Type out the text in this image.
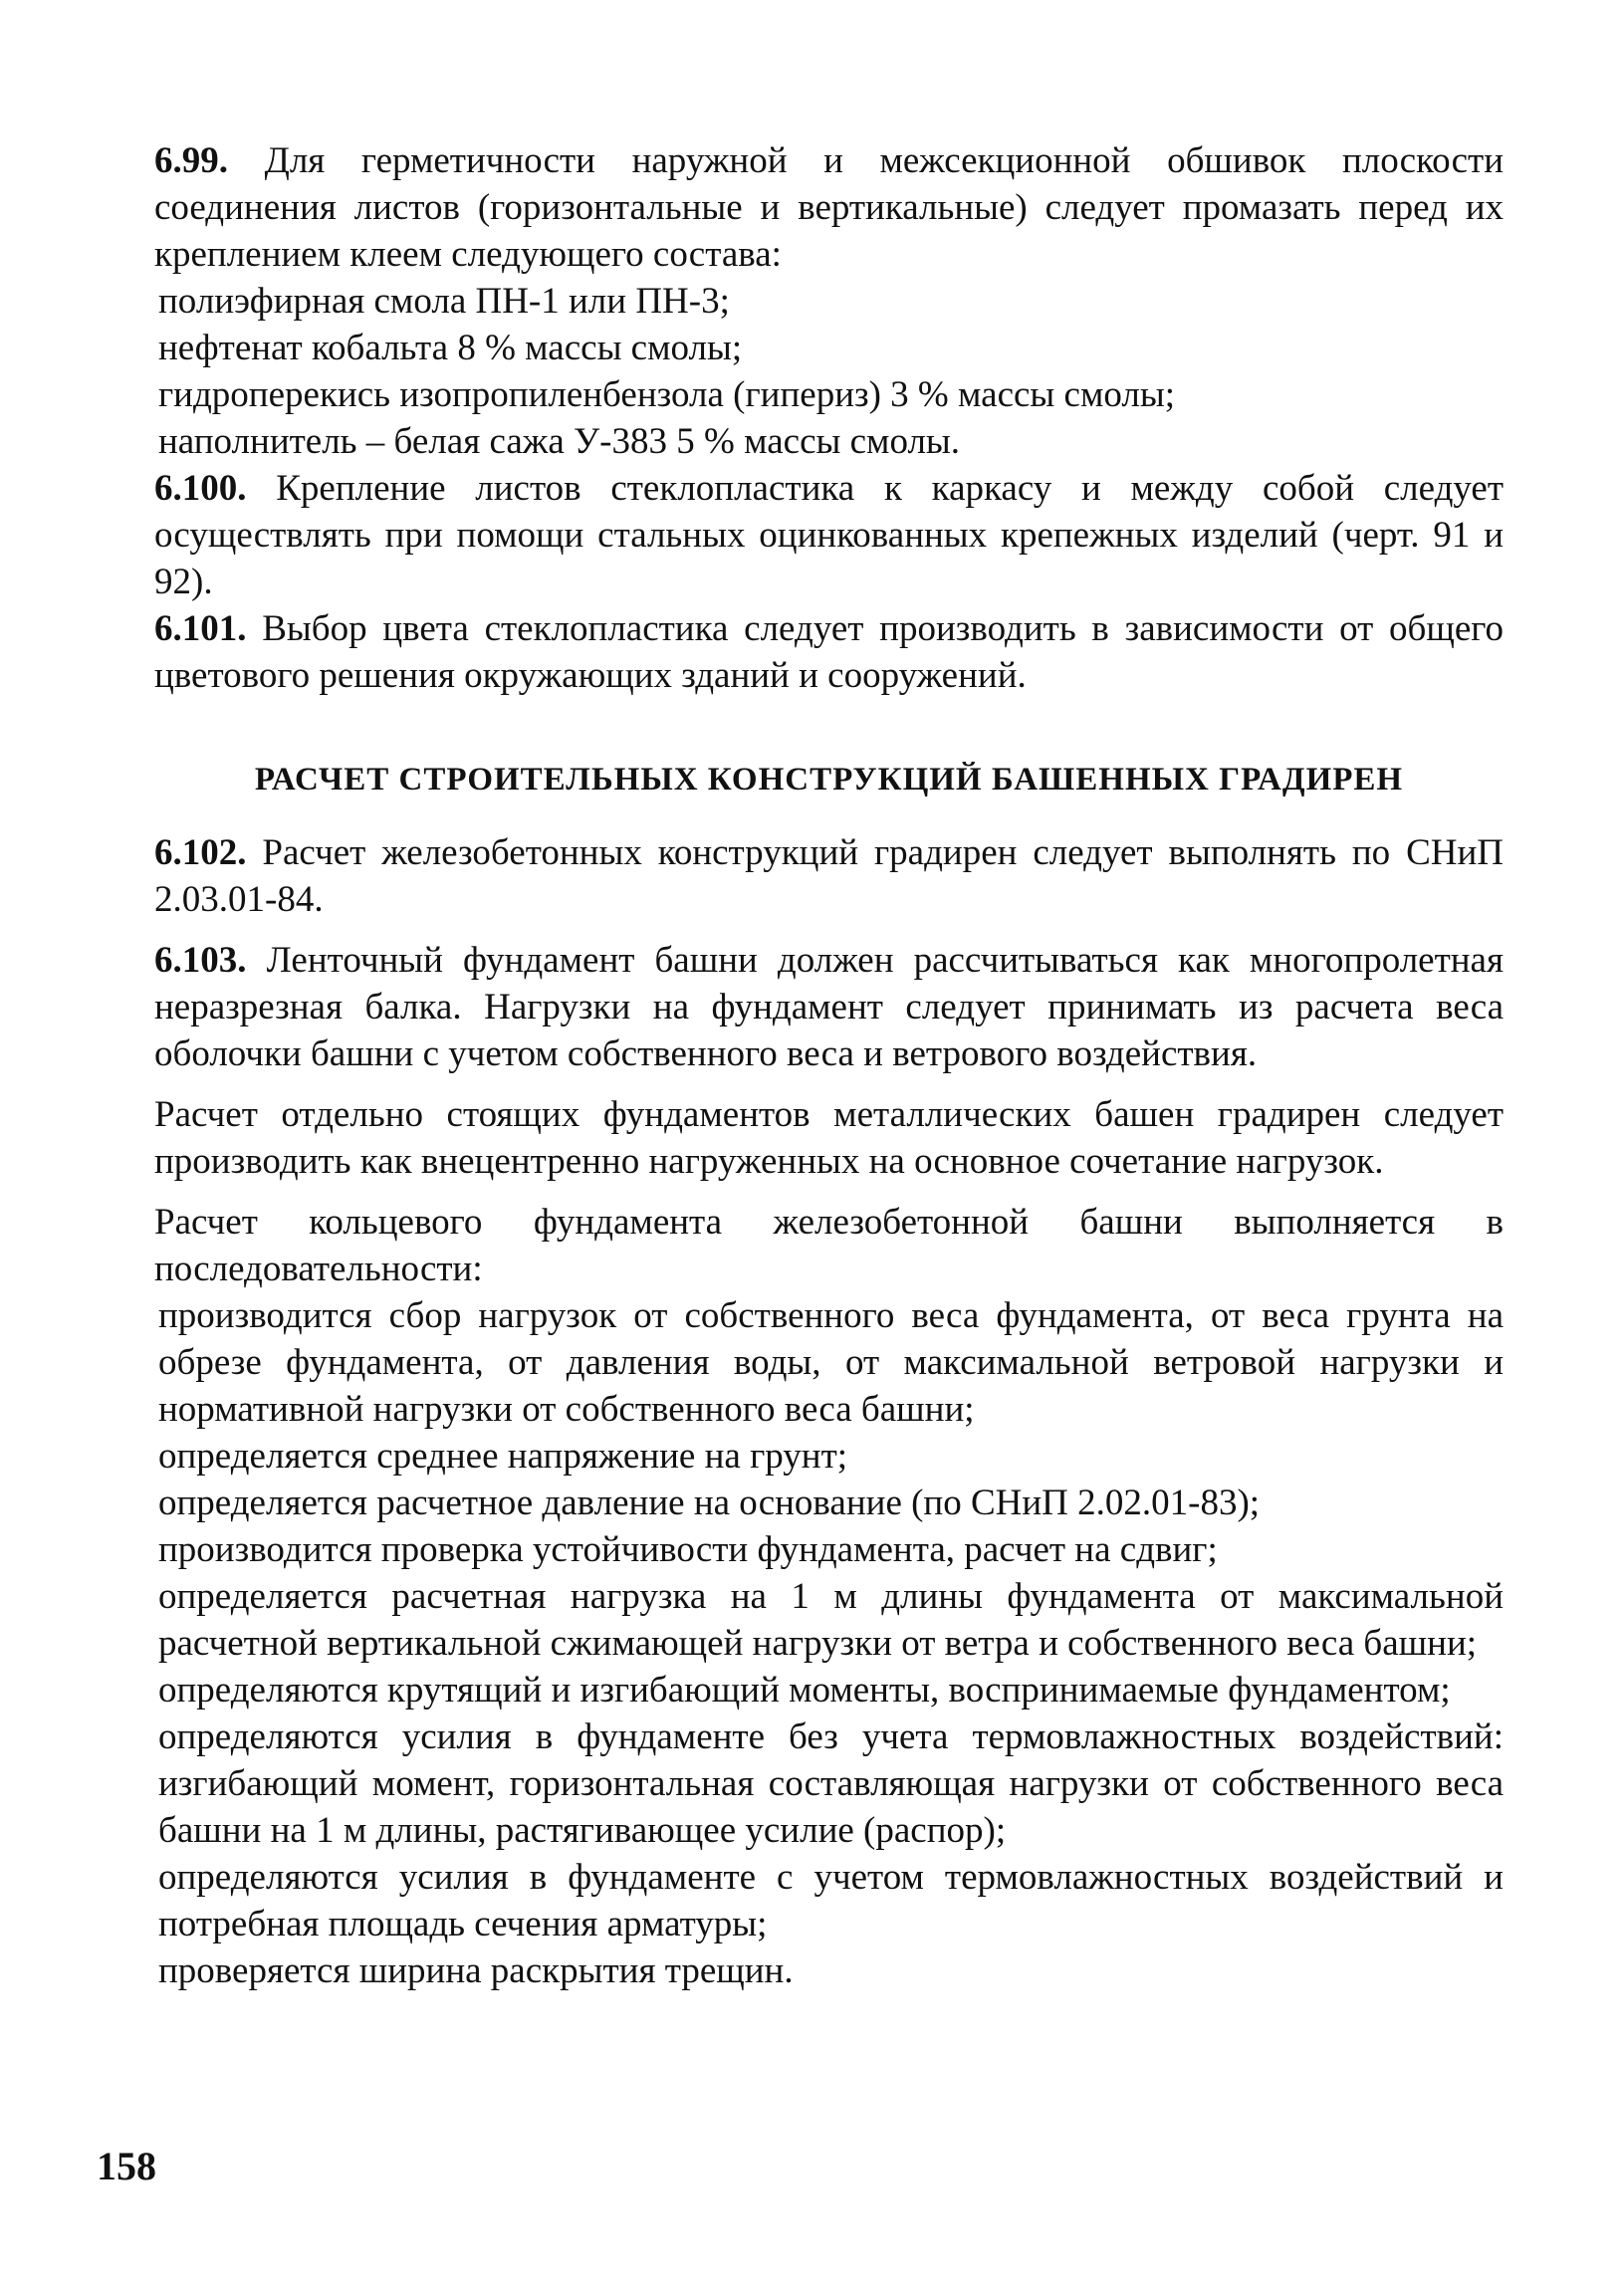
6.99. Для герметичности наружной и межсекционной обшивок плоскости соединения листов (горизонтальные и вертикальные) следует промазать перед их креплением клеем следующего состава:

полиэфирная смола ПН-1 или ПН-3;

нефтенат кобальта 8 % массы смолы;

гидроперекись изопропиленбензола (гипериз) 3 % массы смолы;

наполнитель – белая сажа У-383 5 % массы смолы.

6.100. Крепление листов стеклопластика к каркасу и между собой следует осуществлять при помощи стальных оцинкованных крепежных изделий (черт. 91 и 92).

6.101. Выбор цвета стеклопластика следует производить в зависимости от общего цветового решения окружающих зданий и сооружений.

РАСЧЕТ СТРОИТЕЛЬНЫХ КОНСТРУКЦИЙ БАШЕННЫХ ГРАДИРЕН

6.102. Расчет железобетонных конструкций градирен следует выполнять по СНиП 2.03.01-84.

6.103. Ленточный фундамент башни должен рассчитываться как многопролетная неразрезная балка. Нагрузки на фундамент следует принимать из расчета веса оболочки башни с учетом собственного веса и ветрового воздействия.

Расчет отдельно стоящих фундаментов металлических башен градирен следует производить как внецентренно нагруженных на основное сочетание нагрузок.

Расчет кольцевого фундамента железобетонной башни выполняется в последовательности:

производится сбор нагрузок от собственного веса фундамента, от веса грунта на обрезе фундамента, от давления воды, от максимальной ветровой нагрузки и нормативной нагрузки от собственного веса башни;

определяется среднее напряжение на грунт;

определяется расчетное давление на основание (по СНиП 2.02.01-83);

производится проверка устойчивости фундамента, расчет на сдвиг;

определяется расчетная нагрузка на 1 м длины фундамента от максимальной расчетной вертикальной сжимающей нагрузки от ветра и собственного веса башни;

определяются крутящий и изгибающий моменты, воспринимаемые фундаментом;

определяются усилия в фундаменте без учета термовлажностных воздействий: изгибающий момент, горизонтальная составляющая нагрузки от собственного веса башни на 1 м длины, растягивающее усилие (распор);

определяются усилия в фундаменте с учетом термовлажностных воздействий и потребная площадь сечения арматуры;

проверяется ширина раскрытия трещин.

158
